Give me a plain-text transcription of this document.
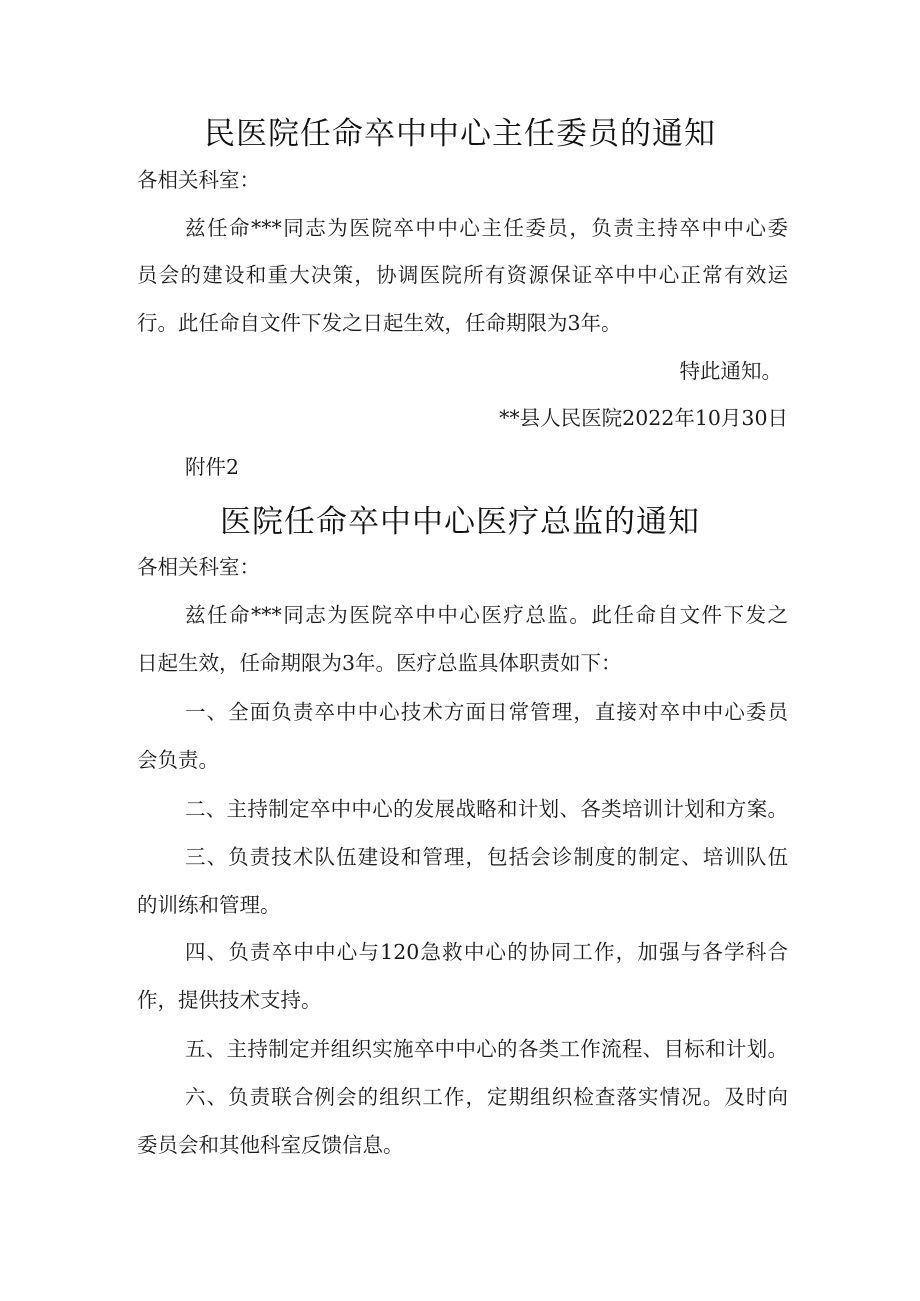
民医院任命卒中中心主任委员的通知
各相关科室：
兹任命***同志为医院卒中中心主任委员，负责主持卒中中心委
员会的建设和重大决策，协调医院所有资源保证卒中中心正常有效运
行。此任命自文件下发之日起生效，任命期限为3年。
特此通知。
**县人民医院2022年10月30日
附件2
医院任命卒中中心医疗总监的通知
各相关科室：
兹任命***同志为医院卒中中心医疗总监。此任命自文件下发之
日起生效，任命期限为3年。医疗总监具体职责如下：
一、全面负责卒中中心技术方面日常管理，直接对卒中中心委员
会负责。
二、主持制定卒中中心的发展战略和计划、各类培训计划和方案。
三、负责技术队伍建设和管理，包括会诊制度的制定、培训队伍
的训练和管理。
四、负责卒中中心与120急救中心的协同工作，加强与各学科合
作，提供技术支持。
五、主持制定并组织实施卒中中心的各类工作流程、目标和计划。
六、负责联合例会的组织工作，定期组织检查落实情况。及时向
委员会和其他科室反馈信息。
